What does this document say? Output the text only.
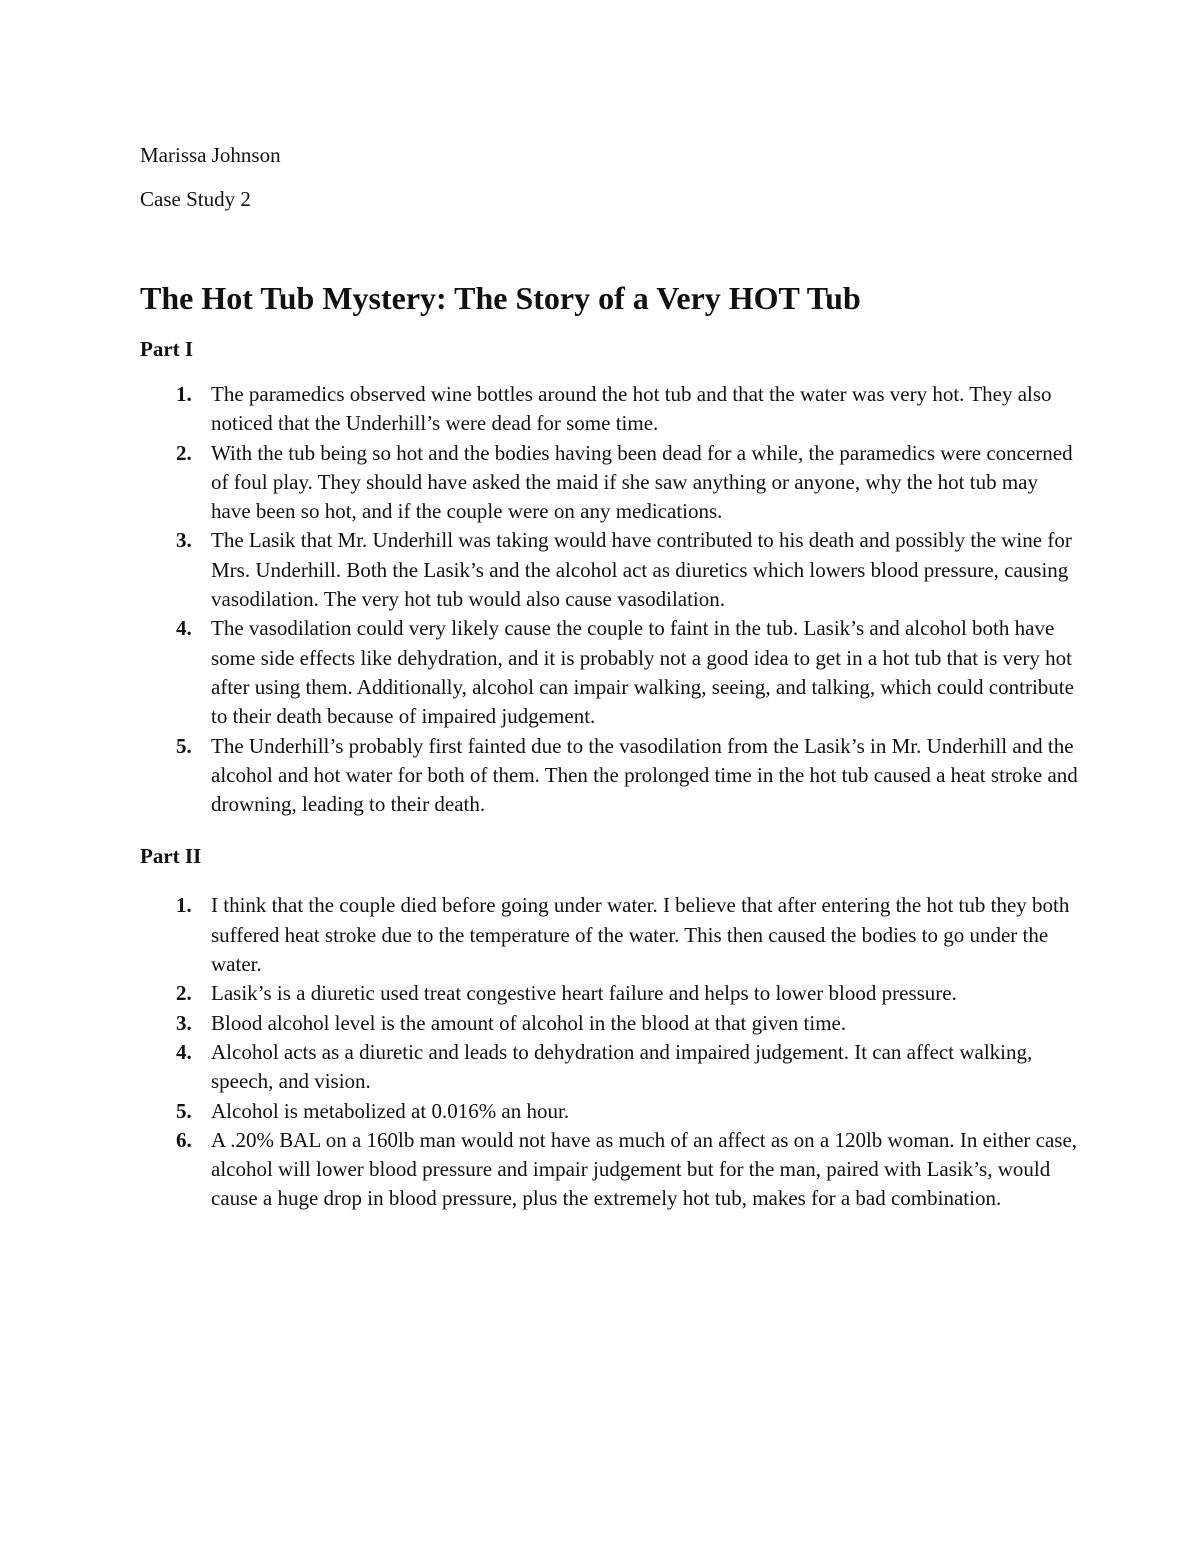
Marissa Johnson

Case Study 2

The Hot Tub Mystery: The Story of a Very HOT Tub
Part I
1. The paramedics observed wine bottles around the hot tub and that the water was very hot. They also noticed that the Underhill’s were dead for some time.
2. With the tub being so hot and the bodies having been dead for a while, the paramedics were concerned of foul play. They should have asked the maid if she saw anything or anyone, why the hot tub may have been so hot, and if the couple were on any medications.
3. The Lasik that Mr. Underhill was taking would have contributed to his death and possibly the wine for Mrs. Underhill. Both the Lasik’s and the alcohol act as diuretics which lowers blood pressure, causing vasodilation. The very hot tub would also cause vasodilation.
4. The vasodilation could very likely cause the couple to faint in the tub. Lasik’s and alcohol both have some side effects like dehydration, and it is probably not a good idea to get in a hot tub that is very hot after using them. Additionally, alcohol can impair walking, seeing, and talking, which could contribute to their death because of impaired judgement.
5. The Underhill’s probably first fainted due to the vasodilation from the Lasik’s in Mr. Underhill and the alcohol and hot water for both of them. Then the prolonged time in the hot tub caused a heat stroke and drowning, leading to their death.
Part II
1. I think that the couple died before going under water. I believe that after entering the hot tub they both suffered heat stroke due to the temperature of the water. This then caused the bodies to go under the water.
2. Lasik’s is a diuretic used treat congestive heart failure and helps to lower blood pressure.
3. Blood alcohol level is the amount of alcohol in the blood at that given time.
4. Alcohol acts as a diuretic and leads to dehydration and impaired judgement. It can affect walking, speech, and vision.
5. Alcohol is metabolized at 0.016% an hour.
6. A .20% BAL on a 160lb man would not have as much of an affect as on a 120lb woman. In either case, alcohol will lower blood pressure and impair judgement but for the man, paired with Lasik’s, would cause a huge drop in blood pressure, plus the extremely hot tub, makes for a bad combination.
